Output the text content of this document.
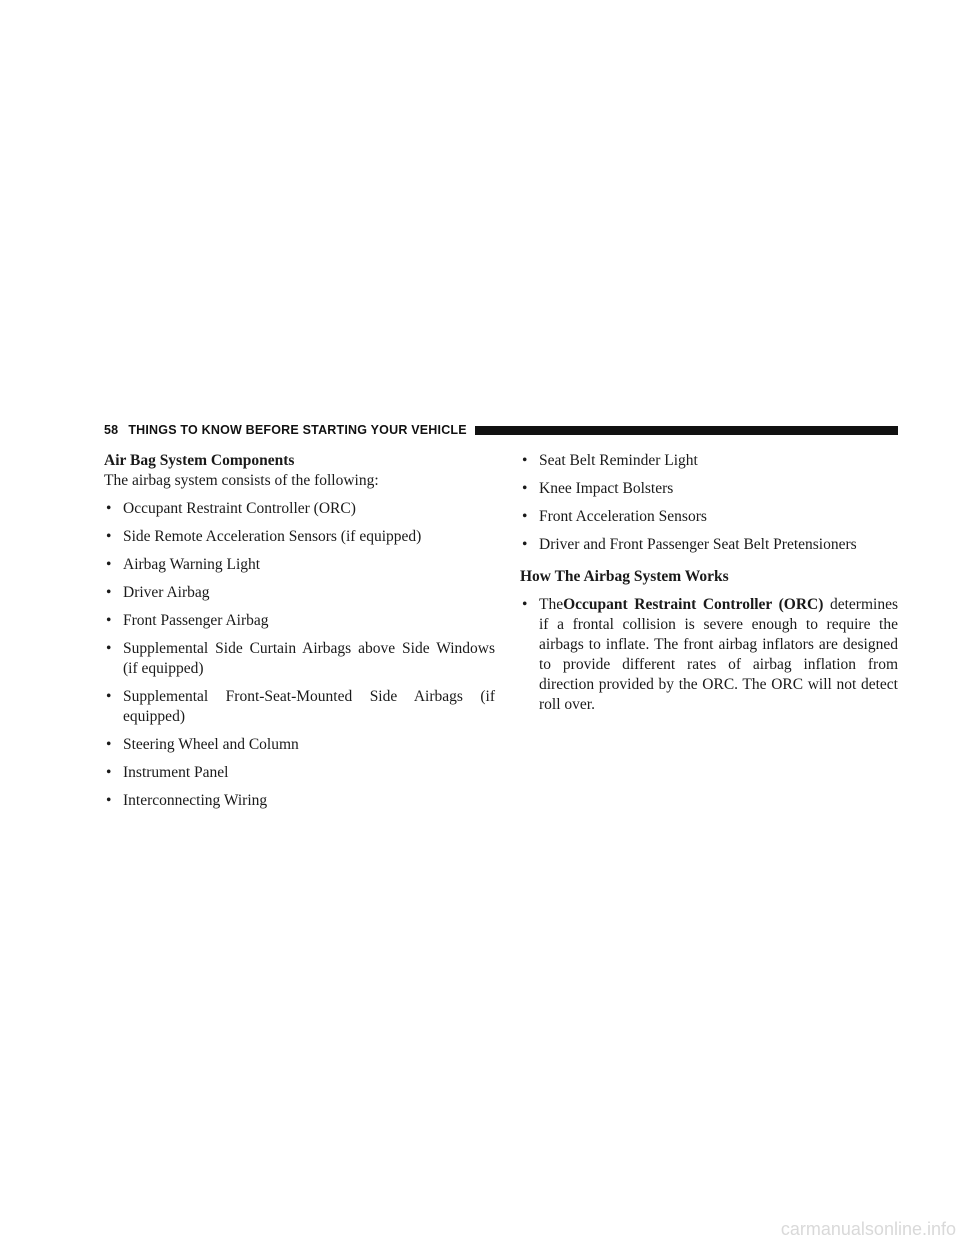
58 THINGS TO KNOW BEFORE STARTING YOUR VEHICLE
Air Bag System Components

The airbag system consists of the following:

• Occupant Restraint Controller (ORC)
• Side Remote Acceleration Sensors (if equipped)
• Airbag Warning Light
• Driver Airbag
• Front Passenger Airbag
• Supplemental Side Curtain Airbags above Side Windows (if equipped)
• Supplemental Front-Seat-Mounted Side Airbags (if equipped)
• Steering Wheel and Column
• Instrument Panel
• Interconnecting Wiring
• Seat Belt Reminder Light
• Knee Impact Bolsters
• Front Acceleration Sensors
• Driver and Front Passenger Seat Belt Pretensioners
How The Airbag System Works
• TheOccupant Restraint Controller (ORC) determines if a frontal collision is severe enough to require the airbags to inflate. The front airbag inflators are designed to provide different rates of airbag inflation from direction provided by the ORC. The ORC will not detect roll over.
carmanualsonline.info
